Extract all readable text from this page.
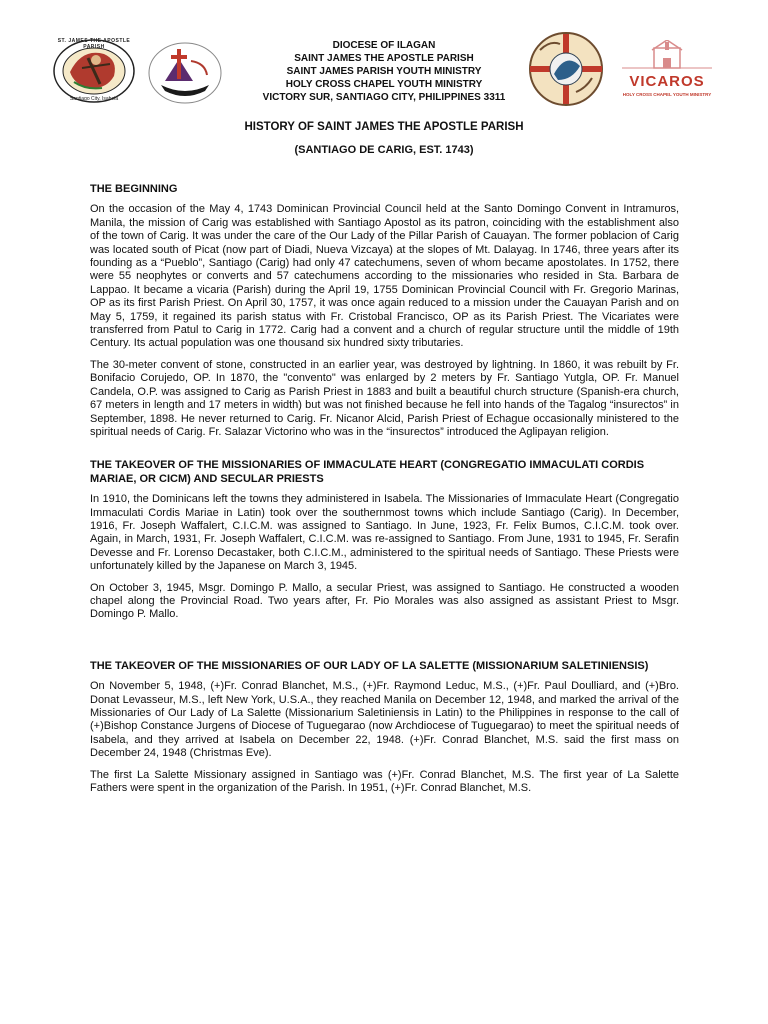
ST. JAMES THE APOSTLE PARISH
Santiago City, Isabela
DIOCESE OF ILAGAN
SAINT JAMES THE APOSTLE PARISH
SAINT JAMES PARISH YOUTH MINISTRY
HOLY CROSS CHAPEL YOUTH MINISTRY
VICTORY SUR, SANTIAGO CITY, PHILIPPINES 3311
VICAROS
HOLY CROSS CHAPEL YOUTH MINISTRY
HISTORY OF SAINT JAMES THE APOSTLE PARISH
(SANTIAGO DE CARIG, EST. 1743)
THE BEGINNING

On the occasion of the May 4, 1743 Dominican Provincial Council held at the Santo Domingo Convent in Intramuros, Manila, the mission of Carig was established with Santiago Apostol as its patron, coinciding with the establishment also of the town of Carig. It was under the care of the Our Lady of the Pillar Parish of Cauayan. The former poblacion of Carig was located south of Picat (now part of Diadi, Nueva Vizcaya) at the slopes of Mt. Dalayag. In 1746, three years after its founding as a “Pueblo”, Santiago (Carig) had only 47 catechumens, seven of whom became apostolates. In 1752, there were 55 neophytes or converts and 57 catechumens according to the missionaries who resided in Sta. Barbara de Lappao. It became a vicaria (Parish) during the April 19, 1755 Dominican Provincial Council with Fr. Gregorio Marinas, OP as its first Parish Priest. On April 30, 1757, it was once again reduced to a mission under the Cauayan Parish and on May 5, 1759, it regained its parish status with Fr. Cristobal Francisco, OP as its Parish Priest. The Vicariates were transferred from Patul to Carig in 1772. Carig had a convent and a church of regular structure until the middle of 19th Century. Its actual population was one thousand six hundred sixty tributaries.

The 30-meter convent of stone, constructed in an earlier year, was destroyed by lightning. In 1860, it was rebuilt by Fr. Bonifacio Corujedo, OP. In 1870, the "convento" was enlarged by 2 meters by Fr. Santiago Yutgla, OP. Fr. Manuel Candela, O.P. was assigned to Carig as Parish Priest in 1883 and built a beautiful church structure (Spanish-era church, 67 meters in length and 17 meters in width) but was not finished because he fell into hands of the Tagalog “insurectos” in September, 1898. He never returned to Carig. Fr. Nicanor Alcid, Parish Priest of Echague occasionally ministered to the spiritual needs of Carig. Fr. Salazar Victorino who was in the “insurectos” introduced the Aglipayan religion.

THE TAKEOVER OF THE MISSIONARIES OF IMMACULATE HEART (CONGREGATIO IMMACULATI CORDIS MARIAE, OR CICM) AND SECULAR PRIESTS

In 1910, the Dominicans left the towns they administered in Isabela. The Missionaries of Immaculate Heart (Congregatio Immaculati Cordis Mariae in Latin) took over the southernmost towns which include Santiago (Carig). In December, 1916, Fr. Joseph Waffalert, C.I.C.M. was assigned to Santiago. In June, 1923, Fr. Felix Bumos, C.I.C.M. took over. Again, in March, 1931, Fr. Joseph Waffalert, C.I.C.M. was re-assigned to Santiago. From June, 1931 to 1945, Fr. Serafin Devesse and Fr. Lorenso Decastaker, both C.I.C.M., administered to the spiritual needs of Santiago. These Priests were unfortunately killed by the Japanese on March 3, 1945.

On October 3, 1945, Msgr. Domingo P. Mallo, a secular Priest, was assigned to Santiago. He constructed a wooden chapel along the Provincial Road. Two years after, Fr. Pio Morales was also assigned as assistant Priest to Msgr. Domingo P. Mallo.

THE TAKEOVER OF THE MISSIONARIES OF OUR LADY OF LA SALETTE (MISSIONARIUM SALETINIENSIS)

On November 5, 1948, (+)Fr. Conrad Blanchet, M.S., (+)Fr. Raymond Leduc, M.S., (+)Fr. Paul Doulliard, and (+)Bro. Donat Levasseur, M.S., left New York, U.S.A., they reached Manila on December 12, 1948, and marked the arrival of the Missionaries of Our Lady of La Salette (Missionarium Saletiniensis in Latin) to the Philippines in response to the call of (+)Bishop Constance Jurgens of Diocese of Tuguegarao (now Archdiocese of Tuguegarao) to meet the spiritual needs of Isabela, and they arrived at Isabela on December 22, 1948. (+)Fr. Conrad Blanchet, M.S. said the first mass on December 24, 1948 (Christmas Eve).

The first La Salette Missionary assigned in Santiago was (+)Fr. Conrad Blanchet, M.S. The first year of La Salette Fathers were spent in the organization of the Parish. In 1951, (+)Fr. Conrad Blanchet, M.S.
